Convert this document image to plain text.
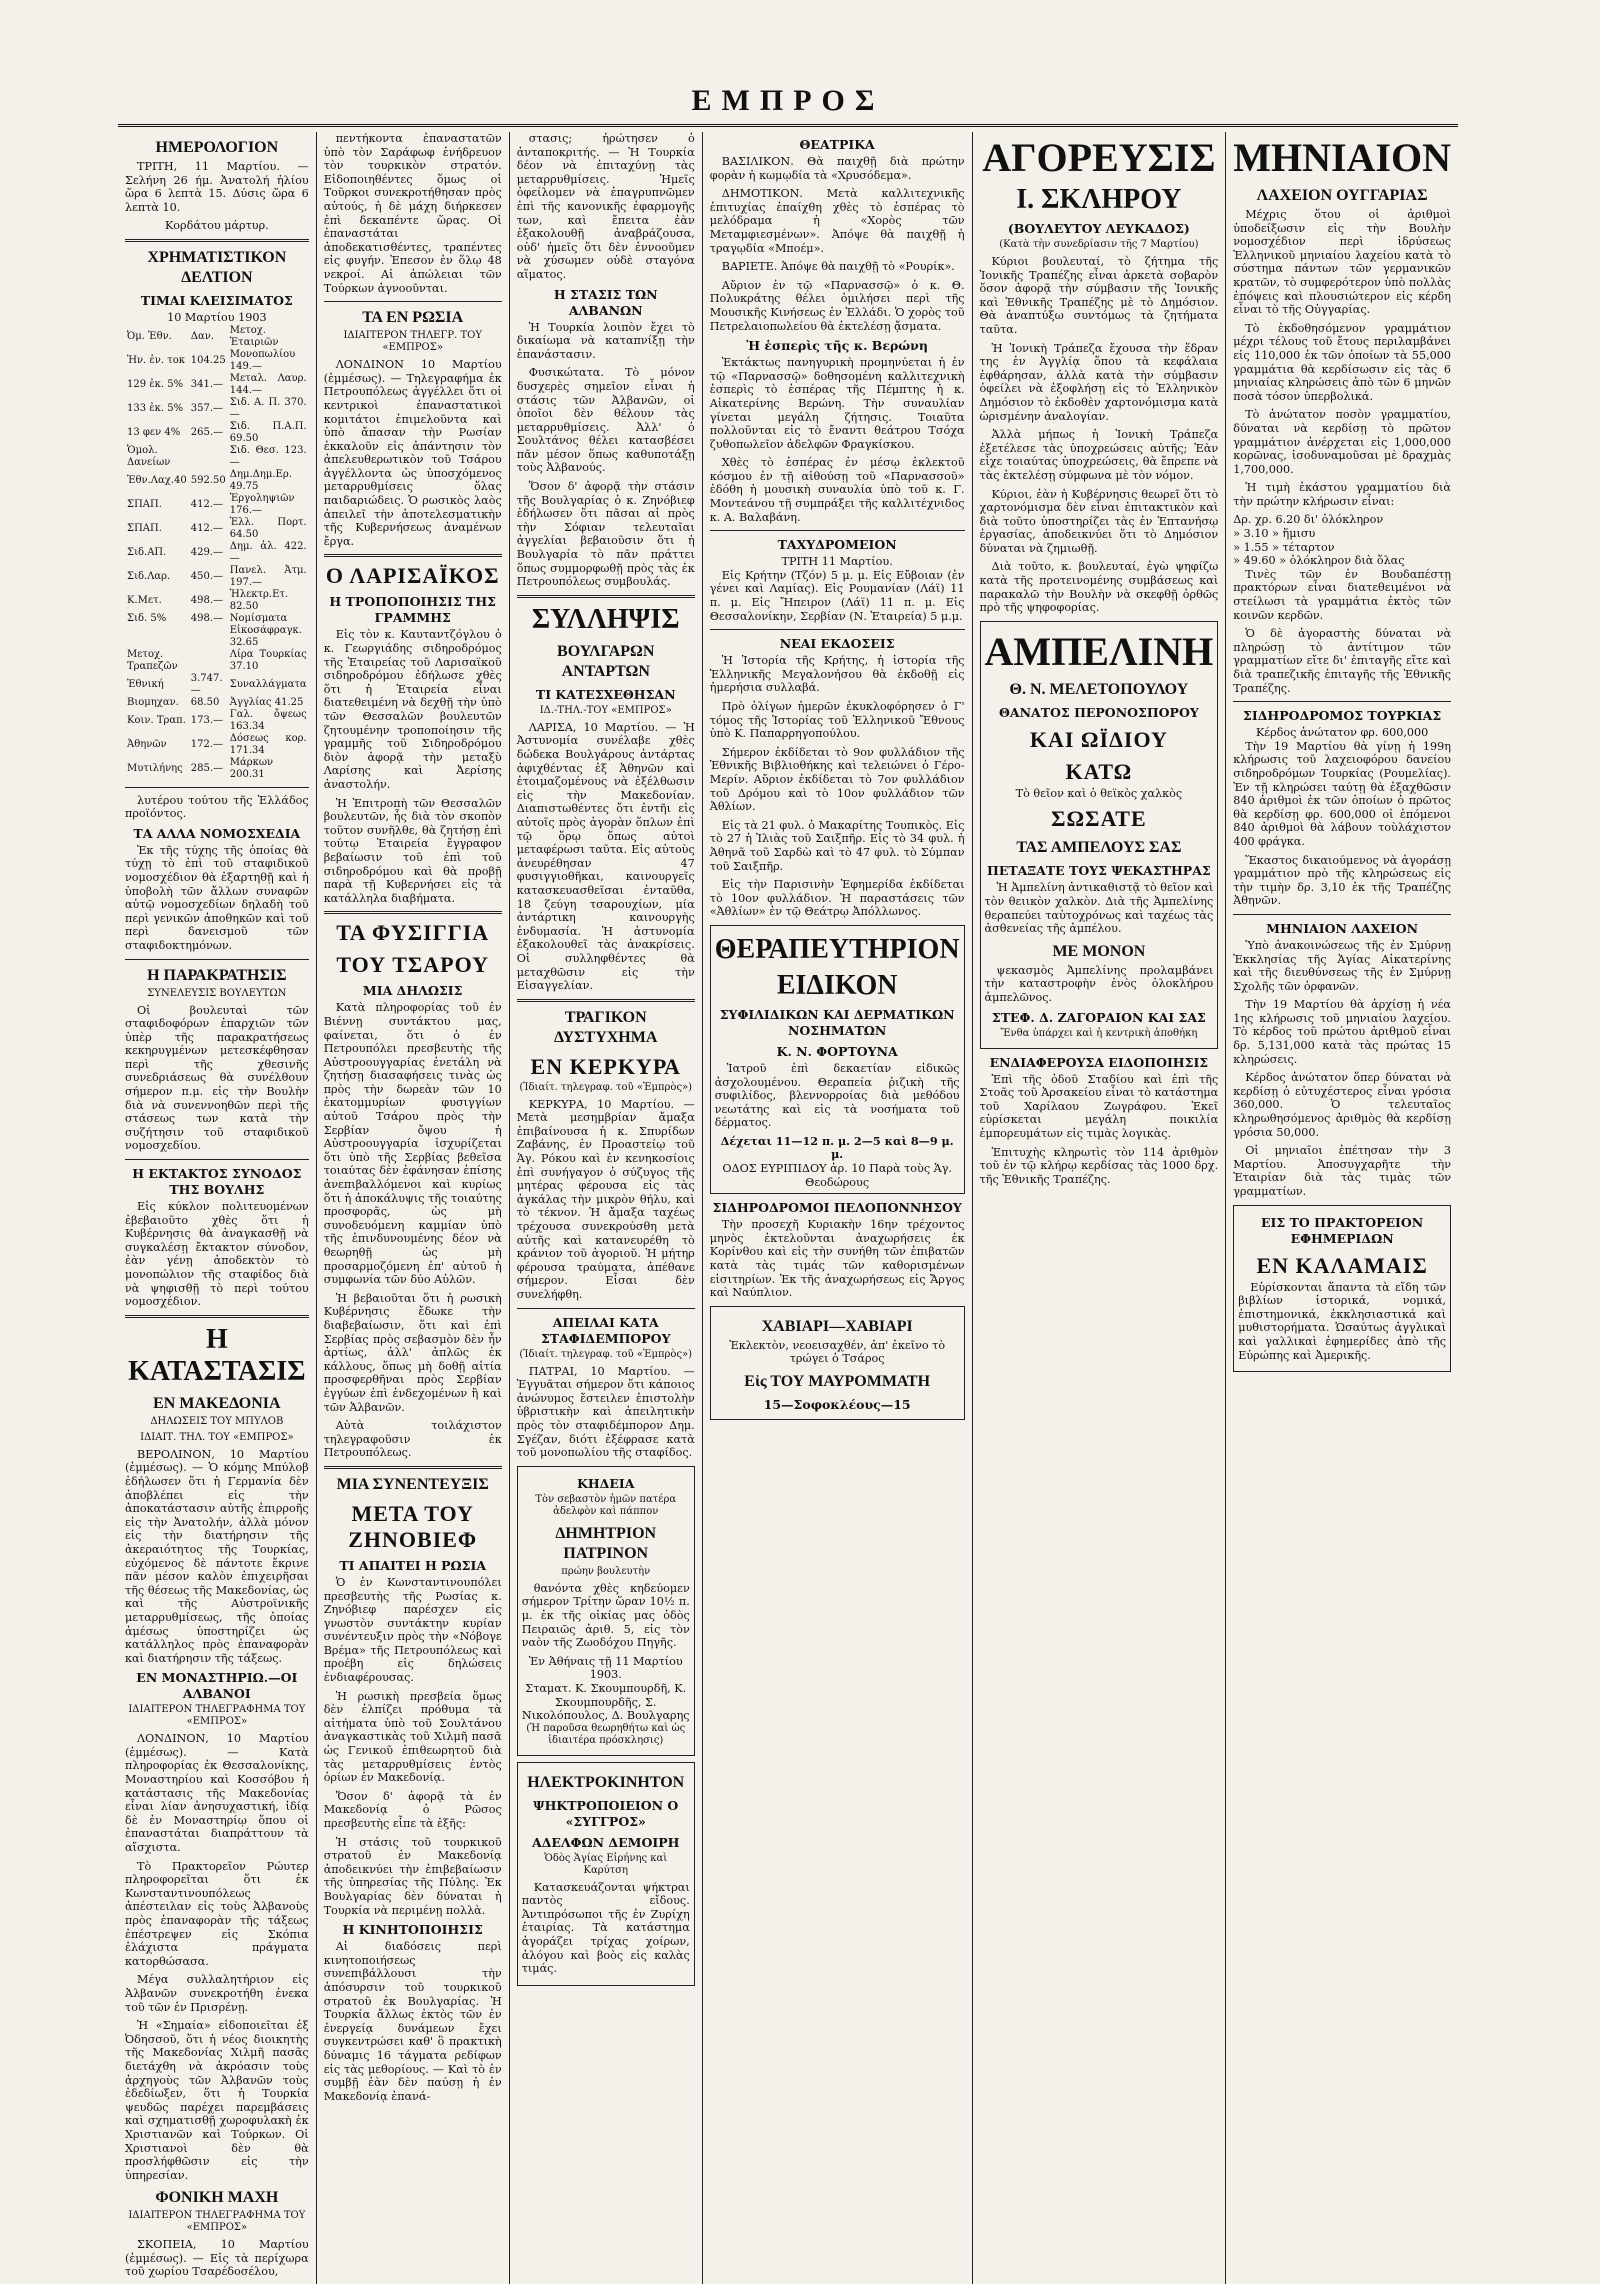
ΕΜΠΡΟΣ
ΗΜΕΡΟΛΟΓΙΟΝ
ΤΡΙΤΗ, 11 Μαρτίου. — Σελήνη 26 ήμ. Ἀνατολή ἡλίου ὥρα 6 λεπτὰ 15. Δύσις ὥρα 6 λεπτὰ 10.
Κορδάτου μάρτυρ.
ΧΡΗΜΑΤΙΣΤΙΚΟΝ ΔΕΛΤΙΟΝ
ΤΙΜΑΙ ΚΛΕΙΣΙΜΑΤΟΣ
10 Μαρτίου 1903
Ὀμ. Ἐθν.	Δαν.	Μετοχ. Ἑταιριῶν
Ἠν. ἐν. τοκ	104.25	Μονοπωλίου 149.—
129 ἐκ. 5%	341.—	Μεταλ. Λαυρ. 144.—
133 ἐκ. 5%	357.—	Σιδ. Α. Π. 370.—
13 φεν 4%	265.—	Σιδ. Π.Α.Π. 69.50
Ὁμολ. Δανείων		Σιδ. Θεσ. 123.—
Ἐθν.Λαχ.40	592.50	Δημ.Δημ.Ερ. 49.75
ΣΠΑΠ.	412.—	Ἐργοληψιῶν 176.—
ΣΠΑΠ.	412.—	Ἑλλ. Πορτ. 64.50
Σιδ.ΑΠ.	429.—	Δημ. ἁλ. 422.—
Σιδ.Λαρ.	450.—	Πανελ. Ἀτμ. 197.—
Κ.Μετ.	498.—	Ἠλεκτρ.Ετ. 82.50
Σιδ. 5%	498.—	Νομίσματα
		Εἰκοσάφραγκ. 32.65
Μετοχ. Τραπεζῶν		Λίρα Τουρκίας 37.10
Ἐθνική	3.747.—	Συναλλάγματα
Βιομηχαν.	68.50	Ἀγγλίας 41.25
Κοιν. Τραπ.	173.—	Γαλ. ὄψεως 163.34
Ἀθηνῶν	172.—	Δόσεως κορ. 171.34
Μυτιλήνης	285.—	Μάρκων 200.31
λυτέρου τούτου τῆς Ἑλλάδος προϊόντος.
ΤΑ ΑΛΛΑ ΝΟΜΟΣΧΕΔΙΑ
Ἐκ τῆς τύχης τῆς ὁποίας θὰ τύχῃ τὸ ἐπὶ τοῦ σταφιδικοῦ νομοσχέδιον θὰ ἐξαρτηθῇ καὶ ἡ ὑποβολὴ τῶν ἄλλων συναφῶν αὐτῷ νομοσχεδίων δηλαδὴ τοῦ περὶ γενικῶν ἀποθηκῶν καὶ τοῦ περὶ δανεισμοῦ τῶν σταφιδοκτημόνων.
Η ΠΑΡΑΚΡΑΤΗΣΙΣ
ΣΥΝΕΛΕΥΣΙΣ ΒΟΥΛΕΥΤΩΝ
Οἱ βουλευταὶ τῶν σταφιδοφόρων ἐπαρχιῶν τῶν ὑπὲρ τῆς παρακρατήσεως κεκηρυγμένων μετεσκέφθησαν περὶ τῆς χθεσινῆς συνεδριάσεως θὰ συνέλθουν σήμερον π.μ. εἰς τὴν Βουλὴν διὰ νὰ συνεννοηθῶν περὶ τῆς στάσεως των κατὰ τὴν συζήτησιν τοῦ σταφιδικοῦ νομοσχεδίου.
Η ΕΚΤΑΚΤΟΣ ΣΥΝΟΔΟΣ ΤΗΣ ΒΟΥΛΗΣ
Εἰς κύκλον πολιτευομένων ἐβεβαιοῦτο χθὲς ὅτι ἡ Κυβέρνησις θὰ ἀναγκασθῇ νὰ συγκαλέσῃ ἔκτακτον σύνοδον, ἐὰν γένῃ ἀποδεκτὸν τὸ μονοπώλιον τῆς σταφίδος διὰ νὰ ψηφισθῇ τὸ περὶ τούτου νομοσχέδιον.
Η ΚΑΤΑΣΤΑΣΙΣ
ΕΝ ΜΑΚΕΔΟΝΙΑ
ΔΗΛΩΣΕΙΣ ΤΟΥ ΜΠΥΛΟΒ
ΙΔΙΑΙΤ. ΤΗΛ. ΤΟΥ «ΕΜΠΡΟΣ»
ΒΕΡΟΛΙΝΟΝ, 10 Μαρτίου (ἐμμέσως). — Ὁ κόμης Μπύλοβ ἐδήλωσεν ὅτι ἡ Γερμανία δὲν ἀποβλέπει εἰς τὴν ἀποκατάστασιν αὐτῆς ἐπιρροῆς εἰς τὴν Ἀνατολήν, ἀλλὰ μόνον εἰς τὴν διατήρησιν τῆς ἀκεραιότητος τῆς Τουρκίας, εὐχόμενος δὲ πάντοτε ἔκρινε πᾶν μέσον καλὸν ἐπιχειρῆσαι τῆς θέσεως τῆς Μακεδονίας, ὡς καὶ τῆς Αὐστροϊνικῆς μεταρρυθμίσεως, τῆς ὁποίας ἀμέσως ὑποστηρίζει ὡς κατάλληλος πρὸς ἐπαναφορὰν καὶ διατήρησιν τῆς τάξεως.
ΕΝ ΜΟΝΑΣΤΗΡΙΩ.—ΟΙ ΑΛΒΑΝΟΙ
ΙΔΙΑΙΤΕΡΟΝ ΤΗΛΕΓΡΑΦΗΜΑ ΤΟΥ «ΕΜΠΡΟΣ»
ΛΟΝΔΙΝΟΝ, 10 Μαρτίου (ἐμμέσως). — Κατὰ πληροφορίας ἐκ Θεσσαλονίκης, Μοναστηρίου καὶ Κοσσόβου ἡ κατάστασις τῆς Μακεδονίας εἶναι λίαν ἀνησυχαστική, ἰδίᾳ δὲ ἐν Μοναστηρίῳ ὅπου οἱ ἐπαναστάται διαπράττουν τὰ αἴσχιστα.
Τὸ Πρακτορεῖον Ρώυτερ πληροφορεῖται ὅτι ἐκ Κωνσταντινουπόλεως ἀπέστειλαν εἰς τοὺς Ἀλβανοὺς πρὸς ἐπαναφορὰν τῆς τάξεως ἐπέστρεψεν εἰς Σκόπια ἐλάχιστα πράγματα κατορθώσασα.
Μέγα συλλαλητήριον εἰς Ἀλβανῶν συνεκροτήθη ἐνεκα τοῦ τῶν ἐν Πρισρένῃ.
Ἡ «Σημαία» εἰδοποιεῖται ἐξ Ὀδησσοῦ, ὅτι ἡ νέος διοικητὴς τῆς Μακεδονίας Χιλμῆ πασᾶς διετάχθη νὰ ἀκρόασιν τοὺς ἀρχηγοὺς τῶν Ἀλβανῶν τοὺς ἐδεδίωξεν, ὅτι ἡ Τουρκία ψευδῶς παρέχει παρεμβάσεις καὶ σχηματισθῇ χωροφυλακὴ ἐκ Χριστιανῶν καὶ Τούρκων. Οἱ Χριστιανοὶ δὲν θὰ προσλήφθῶσιν εἰς τὴν ὑπηρεσίαν.
ΦΟΝΙΚΗ ΜΑΧΗ
ΙΔΙΑΙΤΕΡΟΝ ΤΗΛΕΓΡΑΦΗΜΑ ΤΟΥ «ΕΜΠΡΟΣ»
ΣΚΟΠΕΙΑ, 10 Μαρτίου (ἐμμέσως). — Εἰς τὰ περίχωρα τοῦ χωρίου Τσαρέδοσέλου,
πεντήκοντα ἐπαναστατῶν ὑπὸ τὸν Σαράφωφ ἐνήδρευον τὸν τουρκικὸν στρατόν. Εἰδοποιηθέντες ὅμως οἱ Τοῦρκοι συνεκροτήθησαν πρὸς αὐτούς, ἡ δὲ μάχη διήρκεσεν ἐπὶ δεκαπέντε ὥρας. Οἱ ἐπαναστάται ἀποδεκατισθέντες, τραπέντες εἰς φυγήν. Ἐπεσον ἐν ὅλῳ 48 νεκροί. Αἱ ἀπώλειαι τῶν Τούρκων ἀγνοοῦνται.
ΤΑ ΕΝ ΡΩΣΙΑ
ΙΔΙΑΙΤΕΡΟΝ ΤΗΛΕΓΡ. ΤΟΥ «ΕΜΠΡΟΣ»
ΛΟΝΔΙΝΟΝ 10 Μαρτίου (ἐμμέσως). — Τηλεγραφήμα ἐκ Πετρουπόλεως ἀγγέλλει ὅτι οἱ κεντρικοὶ ἐπαναστατικοὶ κομιτάτοι ἐπιμελοῦντα καὶ ὑπὸ ἄπασαν τὴν Ρωσίαν ἐκκαλοῦν εἰς ἀπάντησιν τὸν ἀπελευθερωτικὸν τοῦ Τσάρου ἀγγέλλοντα ὡς ὑποσχόμενος μεταρρυθμίσεις ὅλας παιδαριώδεις. Ὁ ρωσικὸς λαὸς ἀπειλεῖ τὴν ἀποτελεσματικὴν τῆς Κυβερνήσεως ἀναμένων ἔργα.
Ο ΛΑΡΙΣΑΪΚΟΣ
Η ΤΡΟΠΟΠΟΙΗΣΙΣ ΤΗΣ ΓΡΑΜΜΗΣ
Εἰς τὸν κ. Καυταντζόγλου ὁ κ. Γεωργιάδης σιδηροδρόμος τῆς Ἑταιρείας τοῦ Λαρισαϊκοῦ σιδηροδρόμου ἐδήλωσε χθὲς ὅτι ἡ Ἑταιρεία εἶναι διατεθειμένη νὰ δεχθῇ τὴν ὑπὸ τῶν Θεσσαλῶν βουλευτῶν ζητουμένην τροποποίησιν τῆς γραμμῆς τοῦ Σιδηροδρόμου διὸν ἀφορᾷ τὴν μεταξὺ Λαρίσης καὶ Ἀερίσης ἀναστολήν.
Ἡ Ἐπιτροπὴ τῶν Θεσσαλῶν βουλευτῶν, ἧς διὰ τὸν σκοπὸν τοῦτον συνῆλθε, θὰ ζητήσῃ ἐπὶ τούτῳ Ἑταιρεία ἔγγραφον βεβαίωσιν τοῦ ἐπὶ τοῦ σιδηροδρόμου καὶ θὰ προβῇ παρὰ τῇ Κυβερνήσει εἰς τὰ κατάλληλα διαβήματα.
ΤΑ ΦΥΣΙΓΓΙΑ
ΤΟΥ ΤΣΑΡΟΥ
ΜΙΑ ΔΗΛΩΣΙΣ
Κατὰ πληροφορίας τοῦ ἐν Βιέννῃ συντάκτου μας, φαίνεται, ὅτι ὁ ἐν Πετρουπόλει πρεσβευτὴς τῆς Αὐστροουγγαρίας ἐνετάλη νὰ ζητήσῃ διασαφήσεις τινὰς ὡς πρὸς τὴν δωρεὰν τῶν 10 ἑκατομμυρίων φυσιγγίων αὐτοῦ Τσάρου πρὸς τὴν Σερβίαν ὄψου ἡ Αὐστροουγγαρία ἰσχυρίζεται ὅτι ὑπὸ τῆς Σερβίας βεθεῖσα τοιαύτας δὲν ἐφάνησαν ἐπίσης ἀνεπιβαλλόμενοι καὶ κυρίως ὅτι ἡ ἀποκάλυψις τῆς τοιαύτης προσφορᾶς, ὡς μὴ συνοδευόμενη καμμίαν ὑπὸ τῆς ἐπινδυνουμένης δέον νὰ θεωρηθῇ ὡς μὴ προσαρμοζόμενη ἐπ' αὐτοῦ ἡ συμφωνία τῶν δύο Αὐλῶν.
Ἡ βεβαιοῦται ὅτι ἡ ρωσικὴ Κυβέρνησις ἔδωκε τὴν διαβεβαίωσιν, ὅτι καὶ ἐπὶ Σερβίας πρὸς σεβασμὸν δὲν ἦν ἀρτίως, ἀλλ' ἀπλῶς ἐκ κάλλους, ὅπως μὴ δοθῇ αἰτία προσφερθῆναι πρὸς Σερβίαν ἐγγύων ἐπὶ ἐνδεχομένων ἢ καὶ τῶν Ἀλβανῶν.
Αὐτὰ τοιλάχιστον τηλεγραφοῦσιν ἐκ Πετρουπόλεως.
ΜΙΑ ΣΥΝΕΝΤΕΥΞΙΣ
ΜΕΤΑ ΤΟΥ ΖΗΝΟΒΙΕΦ
ΤΙ ΑΠΑΙΤΕΙ Η ΡΩΣΙΑ
Ὁ ἐν Κωνσταντινουπόλει πρεσβευτὴς τῆς Ρωσίας κ. Ζηνόβιεφ παρέσχεν εἰς γνωστὸν συντάκτην κυρίαν συνέντευξιν πρὸς τὴν «Νόβογε Βρέμα» τῆς Πετρουπόλεως καὶ προέβη εἰς δηλώσεις ἐνδιαφέρουσας.
Ἡ ρωσικὴ πρεσβεία ὅμως δὲν ἐλπίζει πρόθυμα τὰ αἰτήματα ὑπὸ τοῦ Σουλτάνου ἀναγκαστικὰς τοῦ Χιλμῆ πασᾶ ὡς Γενικοῦ ἐπιθεωρητοῦ διὰ τὰς μεταρρυθμίσεις ἐντὸς ὁρίων ἐν Μακεδονίᾳ.
Ὅσον δ' ἀφορᾷ τὰ ἐν Μακεδονίᾳ ὁ Ρῶσος πρεσβευτὴς εἶπε τὰ ἑξῆς:
Ἡ στάσις τοῦ τουρκικοῦ στρατοῦ ἐν Μακεδονίᾳ ἀποδεικνύει τὴν ἐπιβεβαίωσιν τῆς ὑπηρεσίας τῆς Πύλης. Ἐκ Βουλγαρίας δὲν δύναται ἡ Τουρκία νὰ περιμένῃ πολλὰ.
Η ΚΙΝΗΤΟΠΟΙΗΣΙΣ
Αἱ διαδόσεις περὶ κινητοποιήσεως συνεπιβάλλουσι τὴν ἀπόσυρσιν τοῦ τουρκικοῦ στρατοῦ ἐκ Βουλγαρίας. Ἡ Τουρκία ἄλλως ἐκτὸς τῶν ἐν ἐνεργείᾳ δυνάμεων ἔχει συγκεντρώσει καθ' ὃ πρακτικὴ δύναμις 16 τάγματα ρεδίφων εἰς τὰς μεθορίους. — Καὶ τὸ ἐν συμβῇ ἐὰν δὲν παύσῃ ἡ ἐν Μακεδονίᾳ ἐπανά-
στασις; ἠρώτησεν ὁ ἀνταποκριτής. — Ἡ Τουρκία δέον νὰ ἐπιταχύνῃ τὰς μεταρρυθμίσεις. Ἡμεῖς ὀφείλομεν νὰ ἐπαγρυπνῶμεν ἐπὶ τῆς κανονικῆς ἐφαρμογῆς των, καὶ ἔπειτα ἐὰν ἐξακολουθῇ ἀναβράζουσα, οὐδ' ἡμεῖς ὅτι δὲν ἐννοοῦμεν νὰ χύσωμεν οὐδὲ σταγόνα αἵματος.
Η ΣΤΑΣΙΣ ΤΩΝ ΑΛΒΑΝΩΝ
Ἡ Τουρκία λοιπὸν ἔχει τὸ δικαίωμα νὰ καταπνίξῃ τὴν ἐπανάστασιν.
Φυσικώτατα. Τὸ μόνον δυσχερὲς σημεῖον εἶναι ἡ στάσις τῶν Ἀλβανῶν, οἱ ὁποῖοι δὲν θέλουν τὰς μεταρρυθμίσεις. Ἀλλ' ὁ Σουλτάνος θέλει κατασβέσει πᾶν μέσον ὅπως καθυποτάξῃ τοὺς Ἀλβανούς.
Ὅσον δ' ἀφορᾷ τὴν στάσιν τῆς Βουλγαρίας ὁ κ. Ζηνόβιεφ ἐδήλωσεν ὅτι πᾶσαι αἱ πρὸς τὴν Σόφιαν τελευταῖαι ἀγγελίαι βεβαιοῦσιν ὅτι ἡ Βουλγαρία τὸ πᾶν πράττει ὅπως συμμορφωθῇ πρὸς τὰς ἐκ Πετρουπόλεως συμβουλάς.
ΣΥΛΛΗΨΙΣ
ΒΟΥΛΓΑΡΩΝ ΑΝΤΑΡΤΩΝ
ΤΙ ΚΑΤΕΣΧΕΘΗΣΑΝ
ΙΔ.-ΤΗΛ.-ΤΟΥ «ΕΜΠΡΟΣ»
ΛΑΡΙΣΑ, 10 Μαρτίου. — Ἡ Ἀστυνομία συνέλαβε χθὲς δώδεκα Βουλγάρους ἀντάρτας ἀφιχθέντας ἐξ Ἀθηνῶν καὶ ἐτοιμαζομένους νὰ ἐξέλθωσιν εἰς τὴν Μακεδονίαν. Διαπιστωθέντες ὅτι ἐντῆι εἰς αὐτοῖς πρὸς ἀγορὰν ὅπλων ἐπὶ τῷ ὅρῳ ὅπως αὐτοὶ μεταφέρωσι ταῦτα. Εἰς αὐτοὺς ἀνευρέθησαν 47 φυσιγγιοθῆκαι, καινουργεῖς κατασκευασθεῖσαι ἐνταῦθα, 18 ζεύγη τσαρουχίων, μία ἀντάρτικη καινουργὴς ἐνδυμασία. Ἡ ἀστυνομία ἐξακολουθεῖ τὰς ἀνακρίσεις. Οἱ συλληφθέντες θὰ μεταχθῶσιν εἰς τὴν Εἰσαγγελίαν.
ΤΡΑΓΙΚΟΝ ΔΥΣΤΥΧΗΜΑ
ΕΝ ΚΕΡΚΥΡΑ
(Ἰδιαίτ. τηλεγραφ. τοῦ «Ἐμπρὸς»)
ΚΕΡΚΥΡΑ, 10 Μαρτίου. — Μετὰ μεσημβρίαν ἄμαξα ἐπιβαίνουσα ἡ κ. Σπυρίδων Ζαβάνης, ἐν Προαστείῳ τοῦ Ἁγ. Ρόκου καὶ ἐν κενηκοσίοις ἐπὶ συνήγαγον ὁ σύζυγος τῆς μητέρας φέρουσα εἰς τὰς ἀγκάλας τὴν μικρὸν θήλυ, καὶ τὸ τέκνον. Ἡ ἄμαξα ταχέως τρέχουσα συνεκρούσθη μετὰ αὐτῆς καὶ κατανευρέθη τὸ κράνιον τοῦ ἀγοριοῦ. Ἡ μήτηρ φέρουσα τραύματα, ἀπέθανε σήμερον. Εἶσαι δὲν συνελήφθη.
ΑΠΕΙΛΑΙ ΚΑΤΑ ΣΤΑΦΙΔΕΜΠΟΡΟΥ
(Ἰδιαίτ. τηλεγραφ. τοῦ «Ἐμπρὸς»)
ΠΑΤΡΑΙ, 10 Μαρτίου. — Ἐγγυᾶται σήμερον ὅτι κάποιος ἀνώνυμος ἔστειλεν ἐπιστολὴν ὑβριστικὴν καὶ ἀπειλητικὴν πρὸς τὸν σταφιδέμπορον Δημ. Σγέζαν, διότι ἐξέφρασε κατὰ τοῦ μονοπωλίου τῆς σταφίδος.
ΚΗΔΕΙΑ
Τὸν σεβαστὸν ἡμῶν πατέρα ἀδελφὸν καὶ πάππον
ΔΗΜΗΤΡΙΟΝ ΠΑΤΡΙΝΟΝ
πρώην βουλευτὴν
θανόντα χθὲς κηδεύομεν σήμερον Τρίτην ὥραν 10½ π. μ. ἐκ τῆς οἰκίας μας ὁδὸς Πειραιῶς ἀριθ. 5, εἰς τὸν ναὸν τῆς Ζωοδόχου Πηγῆς.
Ἐν Ἀθήναις τῇ 11 Μαρτίου 1903.
Σταματ. Κ. Σκουμπουρδῆ, Κ. Σκουμπουρδῆς, Σ. Νικολόπουλος, Δ. Βουλγαρης
(Ἡ παροῦσα θεωρηθήτω καὶ ὡς ἰδιαιτέρα πρόσκλησις)
ΗΛΕΚΤΡΟΚΙΝΗΤΟΝ
ΨΗΚΤΡΟΠΟΙΕΙΟΝ Ο «ΣΥΓΓΡΟΣ»
ΑΔΕΛΦΩΝ ΔΕΜΟΙΡΗ
Ὁδὸς Ἁγίας Εἰρήνης καὶ Καρύτση
Κατασκευάζονται ψήκτραι παντὸς εἴδους. Ἀντιπρόσωποι τῆς ἐν Ζυρίχη ἐταιρίας. Τὰ κατάστημα ἀγοράζει τρίχας χοίρων, ἀλόγου καὶ βοὸς εἰς καλὰς τιμάς.
ΘΕΑΤΡΙΚΑ
ΒΑΣΙΛΙΚΟΝ. Θὰ παιχθῇ διὰ πρώτην φορὰν ἡ κωμῳδία τὰ «Χρυσόδεμα».
ΔΗΜΟΤΙΚΟΝ. Μετὰ καλλιτεχνικῆς ἐπιτυχίας ἐπαίχθη χθὲς τὸ ἑσπέρας τὸ μελόδραμα ἡ «Χορὸς τῶν Μεταμφιεσμένων». Ἀπόψε θὰ παιχθῇ ἡ τραγῳδία «Μποέμ».
ΒΑΡΙΕΤΕ. Ἀπόψε θὰ παιχθῇ τὸ «Ρουρίκ».
Αὔριον ἐν τῷ «Παρνασσῷ» ὁ κ. Θ. Πολυκράτης θέλει ὁμιλήσει περὶ τῆς Μουσικῆς Κινήσεως ἐν Ἑλλάδι. Ὁ χορὸς τοῦ Πετρελαιοπωλείου θὰ ἐκτελέσῃ ᾄσματα.
Ἡ ἑσπερὶς τῆς κ. Βερώνη
Ἐκτάκτως πανηγυρικὴ προμηνύεται ἡ ἐν τῷ «Παρνασσῷ» δοθησομένη καλλιτεχνικὴ ἑσπερὶς τὸ ἑσπέρας τῆς Πέμπτης ἡ κ. Αἰκατερίνης Βερώνη. Τὴν συναυλίαν γίνεται μεγάλη ζήτησις. Τοιαῦτα πολλοῦνται εἰς τὸ ἔναντι θεάτρου Τσόχα ζυθοπωλεῖον ἀδελφῶν Φραγκίσκου.
Χθὲς τὸ ἑσπέρας ἐν μέσῳ ἐκλεκτοῦ κόσμου ἐν τῇ αἰθούσῃ τοῦ «Παρνασσοῦ» ἐδόθη ἡ μουσικὴ συναυλία ὑπὸ τοῦ κ. Γ. Μοντεάνου τῇ συμπράξει τῆς καλλιτέχνιδος κ. Α. Βαλαβάνη.
ΤΑΧΥΔΡΟΜΕΙΟΝ
ΤΡΙΤΗ 11 Μαρτίου.
Εἰς Κρήτην (Τζόν) 5 μ. μ. Εἰς Εὔβοιαν (ἐν γένει καὶ Λαμίας). Εἰς Ρουμανίαν (Λάϊ) 11 π. μ. Εἰς Ἤπειρον (Λάϊ) 11 π. μ. Εἰς Θεσσαλονίκην, Σερβίαν (Ν. Ἑταιρεία) 5 μ.μ.
ΝΕΑΙ ΕΚΔΟΣΕΙΣ
Ἡ Ἱστορία τῆς Κρήτης, ἡ ἱστορία τῆς Ἑλληνικῆς Μεγαλονήσου θὰ ἐκδοθῇ εἰς ἡμερήσια συλλαβά.
Πρὸ ὀλίγων ἡμερῶν ἐκυκλοφόρησεν ὁ Γ' τόμος τῆς Ἱστορίας τοῦ Ἑλληνικοῦ Ἔθνους ὑπὸ Κ. Παπαρρηγοπούλου.
Σήμερον ἐκδίδεται τὸ 9ον φυλλάδιον τῆς Ἐθνικῆς Βιβλιοθήκης καὶ τελειώνει ὁ Γέρο-Μερίν. Αὔριον ἐκδίδεται τὸ 7ον φυλλάδιον τοῦ Δρόμου καὶ τὸ 10ον φυλλάδιον τῶν Ἀθλίων.
Εἰς τὰ 21 φυλ. ὁ Μακαρίτης Τουπικὸς. Εἰς τὸ 27 ἡ Ἰλιὰς τοῦ Σαιξπῆρ. Εἰς τὸ 34 φυλ. ἡ Ἀθηνᾶ τοῦ Σαρδὼ καὶ τὸ 47 φυλ. τὸ Σύμπαν τοῦ Σαιξπῆρ.
Εἰς τὴν Παρισινὴν Ἐφημερίδα ἐκδίδεται τὸ 10ον φυλλάδιον. Ἡ παραστάσεις τῶν «Ἀθλίων» ἐν τῷ Θεάτρῳ Ἀπόλλωνος.
ΘΕΡΑΠΕΥΤΗΡΙΟΝ
ΕΙΔΙΚΟΝ
ΣΥΦΙΛΙΔΙΚΩΝ ΚΑΙ ΔΕΡΜΑΤΙΚΩΝ ΝΟΣΗΜΑΤΩΝ
Κ. Ν. ΦΟΡΤΟΥΝΑ
Ἰατροῦ ἐπὶ δεκαετίαν εἰδικῶς ἀσχολουμένου. Θεραπεία ῥιζικὴ τῆς συφιλίδος, βλεννορροίας διὰ μεθόδου νεωτάτης καὶ εἰς τὰ νοσήματα τοῦ δέρματος.
Δέχεται 11—12 π. μ. 2—5 καὶ 8—9 μ. μ.
ΟΔΟΣ ΕΥΡΙΠΙΔΟΥ ἀρ. 10 Παρὰ τοὺς Ἁγ. Θεοδώρους
ΣΙΔΗΡΟΔΡΟΜΟΙ ΠΕΛΟΠΟΝΝΗΣΟΥ
Τὴν προσεχῆ Κυριακὴν 16ην τρέχοντος μηνὸς ἐκτελοῦνται ἀναχωρήσεις ἐκ Κορίνθου καὶ εἰς τὴν συνήθη τῶν ἐπιβατῶν κατὰ τὰς τιμάς τῶν καθορισμένων εἰσιτηρίων. Ἐκ τῆς ἀναχωρήσεως εἰς Ἄργος καὶ Ναύπλιον.
ΧΑΒΙΑΡΙ—ΧΑΒΙΑΡΙ
Ἐκλεκτὸν, νεοεισαχθέν, ἀπ' ἐκεῖνο τὸ τρώγει ὁ Τσάρος
Εἰς ΤΟΥ ΜΑΥΡΟΜΜΑΤΗ
15—Σοφοκλέους—15
ΑΓΟΡΕΥΣΙΣ
Ι. ΣΚΛΗΡΟΥ
(ΒΟΥΛΕΥΤΟΥ ΛΕΥΚΑΔΟΣ)
(Κατὰ τὴν συνεδρίασιν τῆς 7 Μαρτίου)
Κύριοι βουλευταί, τὸ ζήτημα τῆς Ἰονικῆς Τραπέζης εἶναι ἀρκετὰ σοβαρὸν ὅσον ἀφορᾷ τὴν σύμβασιν τῆς Ἰονικῆς καὶ Ἐθνικῆς Τραπέζης μὲ τὸ Δημόσιον. Θὰ ἀναπτύξω συντόμως τὰ ζητήματα ταῦτα.
Ἡ Ἰονικὴ Τράπεζα ἔχουσα τὴν ἕδραν της ἐν Ἀγγλίᾳ ὅπου τὰ κεφάλαια ἐφθάρησαν, ἀλλὰ κατὰ τὴν σύμβασιν ὀφείλει νὰ ἐξοφλήσῃ εἰς τὸ Ἑλληνικὸν Δημόσιον τὸ ἐκδοθὲν χαρτονόμισμα κατὰ ὡρισμένην ἀναλογίαν.
Ἀλλὰ μήπως ἡ Ἰονικὴ Τράπεζα ἐξετέλεσε τὰς ὑποχρεώσεις αὐτῆς; Ἐὰν εἶχε τοιαύτας ὑποχρεώσεις, θὰ ἔπρεπε νὰ τὰς ἐκτελέσῃ σύμφωνα μὲ τὸν νόμον.
Κύριοι, ἐὰν ἡ Κυβέρνησις θεωρεῖ ὅτι τὸ χαρτονόμισμα δὲν εἶναι ἐπιτακτικὸν καὶ διὰ τοῦτο ὑποστηρίζει τὰς ἐν Ἑπτανήσῳ ἐργασίας, ἀποδεικνύει ὅτι τὸ Δημόσιον δύναται νὰ ζημιωθῇ.
Διὰ τοῦτο, κ. βουλευταί, ἐγὼ ψηφίζω κατὰ τῆς προτεινομένης συμβάσεως καὶ παρακαλῶ τὴν Βουλὴν νὰ σκεφθῇ ὀρθῶς πρὸ τῆς ψηφοφορίας.
ΑΜΠΕΛΙΝΗ
Θ. Ν. ΜΕΛΕΤΟΠΟΥΛΟΥ
ΘΑΝΑΤΟΣ ΠΕΡΟΝΟΣΠΟΡΟΥ
ΚΑΙ ΩΪΔΙΟΥ
ΚΑΤΩ
Τὸ θεῖον καὶ ὁ θεϊκὸς χαλκὸς
ΣΩΣΑΤΕ
ΤΑΣ ΑΜΠΕΛΟΥΣ ΣΑΣ
ΠΕΤΑΞΑΤΕ ΤΟΥΣ ΨΕΚΑΣΤΗΡΑΣ
Ἡ Ἀμπελίνη ἀντικαθιστᾷ τὸ θεῖον καὶ τὸν θειικὸν χαλκὸν. Διὰ τῆς Ἀμπελίνης θεραπεύει ταὐτοχρόνως καὶ ταχέως τὰς ἀσθενείας τῆς ἀμπέλου.
ΜΕ ΜΟΝΟΝ
ψεκασμὸς Ἀμπελίνης προλαμβάνει τὴν καταστροφὴν ἐνὸς ὁλοκλήρου ἀμπελῶνος.
ΣΤΕΦ. Δ. ΖΑΓΟΡΑΙΟΝ ΚΑΙ ΣΑΣ
Ἔνθα ὑπάρχει καὶ ἡ κεντρικὴ ἀποθήκη
ΕΝΔΙΑΦΕΡΟΥΣΑ ΕΙΔΟΠΟΙΗΣΙΣ
Ἐπὶ τῆς ὁδοῦ Σταδίου καὶ ἐπὶ τῆς Στοᾶς τοῦ Ἀρσακείου εἶναι τὸ κατάστημα τοῦ Χαρίλαου Ζωγράφου. Ἐκεῖ εὑρίσκεται μεγάλη ποικιλία ἐμπορευμάτων εἰς τιμὰς λογικὰς.
Ἐπιτυχὴς κληρωτὶς τὸν 114 ἀριθμὸν τοῦ ἐν τῷ κλήρῳ κερδίσας τὰς 1000 δρχ. τῆς Ἐθνικῆς Τραπέζης.
ΜΗΝΙΑΙΟΝ
ΛΑΧΕΙΟΝ ΟΥΓΓΑΡΙΑΣ
Μέχρις ὅτου οἱ ἀριθμοὶ ὑποδείξωσιν εἰς τὴν Βουλὴν νομοσχέδιον περὶ ἱδρύσεως Ἑλληνικοῦ μηνιαίου λαχείου κατὰ τὸ σύστημα πάντων τῶν γερμανικῶν κρατῶν, τὸ συμφερότερον ὑπὸ πολλὰς ἐπόψεις καὶ πλουσιώτερον εἰς κέρδη εἶναι τὸ τῆς Οὐγγαρίας.
Τὸ ἐκδοθησόμενον γραμμάτιον μέχρι τέλους τοῦ ἔτους περιλαμβάνει εἰς 110,000 ἐκ τῶν ὁποίων τὰ 55,000 γραμμάτια θὰ κερδίσωσιν εἰς τὰς 6 μηνιαίας κληρώσεις ἀπὸ τῶν 6 μηνῶν ποσὰ τόσον ὑπερβολικά.
Τὸ ἀνώτατον ποσὸν γραμματίου, δύναται νὰ κερδίσῃ τὸ πρῶτον γραμμάτιον ἀνέρχεται εἰς 1,000,000 κορῶνας, ἰσοδυναμοῦσαι μὲ δραχμὰς 1,700,000.
Ἡ τιμὴ ἑκάστου γραμματίου διὰ τὴν πρώτην κλήρωσιν εἶναι:
Δρ. χρ. 6.20 δι' ὁλόκληρον
» 3.10 » ἥμισυ
» 1.55 » τέταρτον
» 49.60 » ὁλόκληρον διὰ ὅλας
Τινὲς τῶν ἐν Βουδαπέστῃ πρακτόρων εἶναι διατεθειμένοι νὰ στείλωσι τὰ γραμμάτια ἐκτὸς τῶν κοινῶν κερδῶν.
Ὁ δὲ ἀγοραστὴς δύναται νὰ πληρώσῃ τὸ ἀντίτιμον τῶν γραμματίων εἴτε δι' ἐπιταγῆς εἴτε καὶ διὰ τραπεζικῆς ἐπιταγῆς τῆς Ἐθνικῆς Τραπέζης.
ΣΙΔΗΡΟΔΡΟΜΟΣ ΤΟΥΡΚΙΑΣ
Κέρδος ἀνώτατον φρ. 600,000
Τὴν 19 Μαρτίου θὰ γίνῃ ἡ 199η κλήρωσις τοῦ λαχειοφόρου δανείου σιδηροδρόμων Τουρκίας (Ρουμελίας). Ἐν τῇ κληρώσει ταύτῃ θὰ ἐξαχθῶσιν 840 ἀριθμοὶ ἐκ τῶν ὁποίων ὁ πρῶτος θὰ κερδίσῃ φρ. 600,000 οἱ ἐπόμενοι 840 ἀριθμοὶ θὰ λάβουν τοὺλάχιστον 400 φράγκα.
Ἕκαστος δικαιούμενος νὰ ἀγοράσῃ γραμμάτιον πρὸ τῆς κληρώσεως εἰς τὴν τιμὴν δρ. 3,10 ἐκ τῆς Τραπέζης Ἀθηνῶν.
ΜΗΝΙΑΙΟΝ ΛΑΧΕΙΟΝ
Ὑπὸ ἀνακοινώσεως τῆς ἐν Σμύρνῃ Ἐκκλησίας τῆς Ἁγίας Αἰκατερίνης καὶ τῆς διευθύνσεως τῆς ἐν Σμύρνῃ Σχολῆς τῶν ὀρφανῶν.
Τὴν 19 Μαρτίου θὰ ἀρχίσῃ ἡ νέα 1ης κλήρωσις τοῦ μηνιαίου λαχείου. Τὸ κέρδος τοῦ πρώτου ἀριθμοῦ εἶναι δρ. 5,131,000 κατὰ τὰς πρώτας 15 κληρώσεις.
Κέρδος ἀνώτατον ὅπερ δύναται νὰ κερδίσῃ ὁ εὐτυχέστερος εἶναι γρόσια 360,000. Ὁ τελευταῖος κληρωθησόμενος ἀριθμὸς θὰ κερδίσῃ γρόσια 50,000.
Οἱ μηνιαῖοι ἐπέτησαν τὴν 3 Μαρτίου. Ἀποσυγχαρῆτε τὴν Ἑταιρίαν διὰ τὰς τιμὰς τῶν γραμματίων.
ΕΙΣ ΤΟ ΠΡΑΚΤΟΡΕΙΟΝ ΕΦΗΜΕΡΙΔΩΝ
ΕΝ ΚΑΛΑΜΑΙΣ
Εὑρίσκονται ἅπαντα τὰ εἴδη τῶν βιβλίων ἱστορικά, νομικά, ἐπιστημονικά, ἐκκλησιαστικά καὶ μυθιστορήματα. Ὡσαύτως ἀγγλικαὶ καὶ γαλλικαὶ ἐφημερίδες ἀπὸ τῆς Εὐρώπης καὶ Ἀμερικῆς.
